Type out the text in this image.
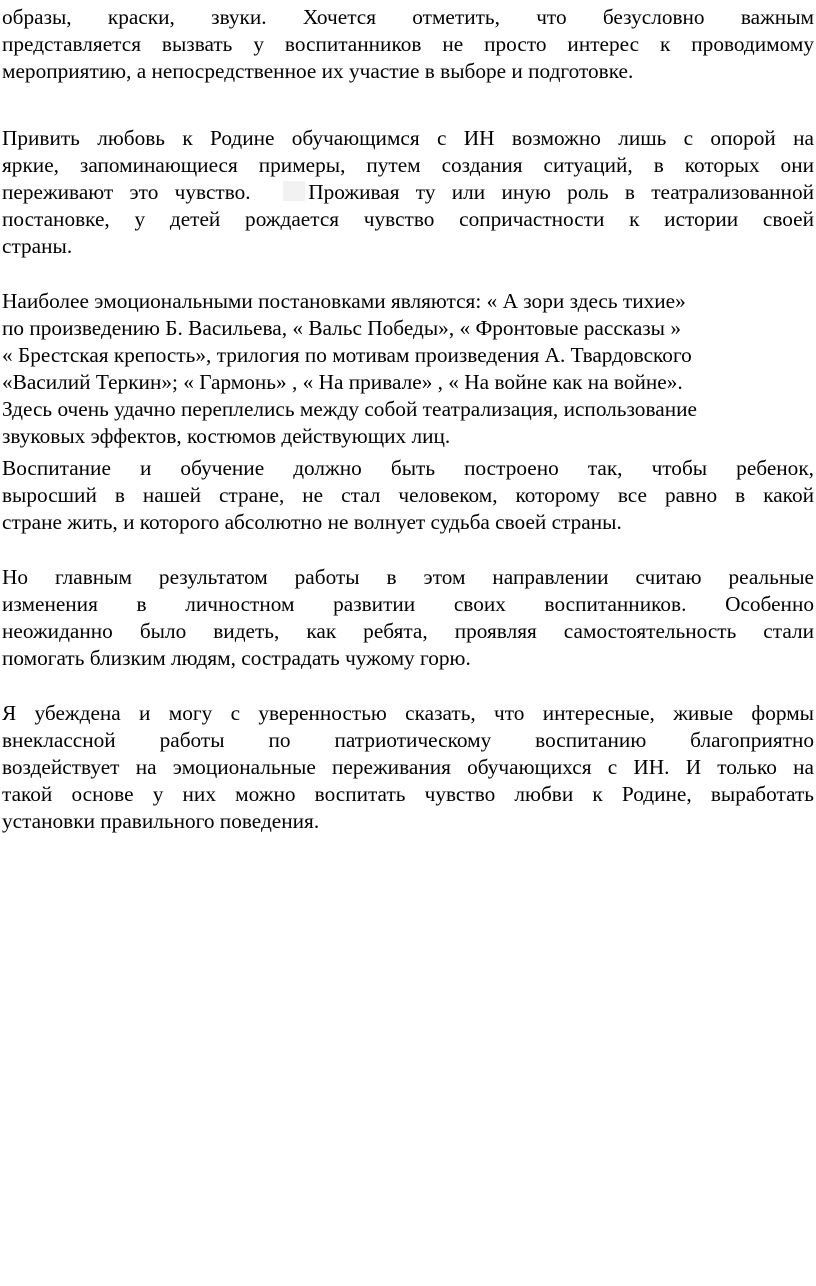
образы, краски, звуки. Хочется отметить, что безусловно важным
представляется вызвать у воспитанников не просто интерес к проводимому
мероприятию, а непосредственное их участие в выборе и подготовке.
Привить любовь к Родине обучающимся с ИН возможно лишь с опорой на
яркие, запоминающиеся примеры, путем создания ситуаций, в которых они
переживают это чувство.	Проживая ту или иную роль в театрализованной
постановке, у детей рождается чувство сопричастности к истории своей
страны.
Наиболее эмоциональными постановками являются: « А зори здесь тихие»
по произведению Б. Васильева, « Вальс Победы», « Фронтовые рассказы »
« Брестская крепость», трилогия по мотивам произведения А. Твардовского
«Василий Теркин»; « Гармонь» , « На привале» , « На войне как на войне».
Здесь очень удачно переплелись между собой театрализация, использование
звуковых эффектов, костюмов действующих лиц.
Воспитание и обучение должно быть построено так, чтобы ребенок,
выросший в нашей стране, не стал человеком, которому все равно в какой
стране жить, и которого абсолютно не волнует судьба своей страны.
Но главным результатом работы в этом направлении считаю реальные
изменения в личностном развитии своих воспитанников. Особенно
неожиданно было видеть, как ребята, проявляя самостоятельность стали
помогать близким людям, сострадать чужому горю.
Я убеждена и могу с уверенностью сказать, что интересные, живые формы
внеклассной работы по патриотическому воспитанию благоприятно
воздействует на эмоциональные переживания обучающихся с ИН. И только на
такой основе у них можно воспитать чувство любви к Родине, выработать
установки правильного поведения.
